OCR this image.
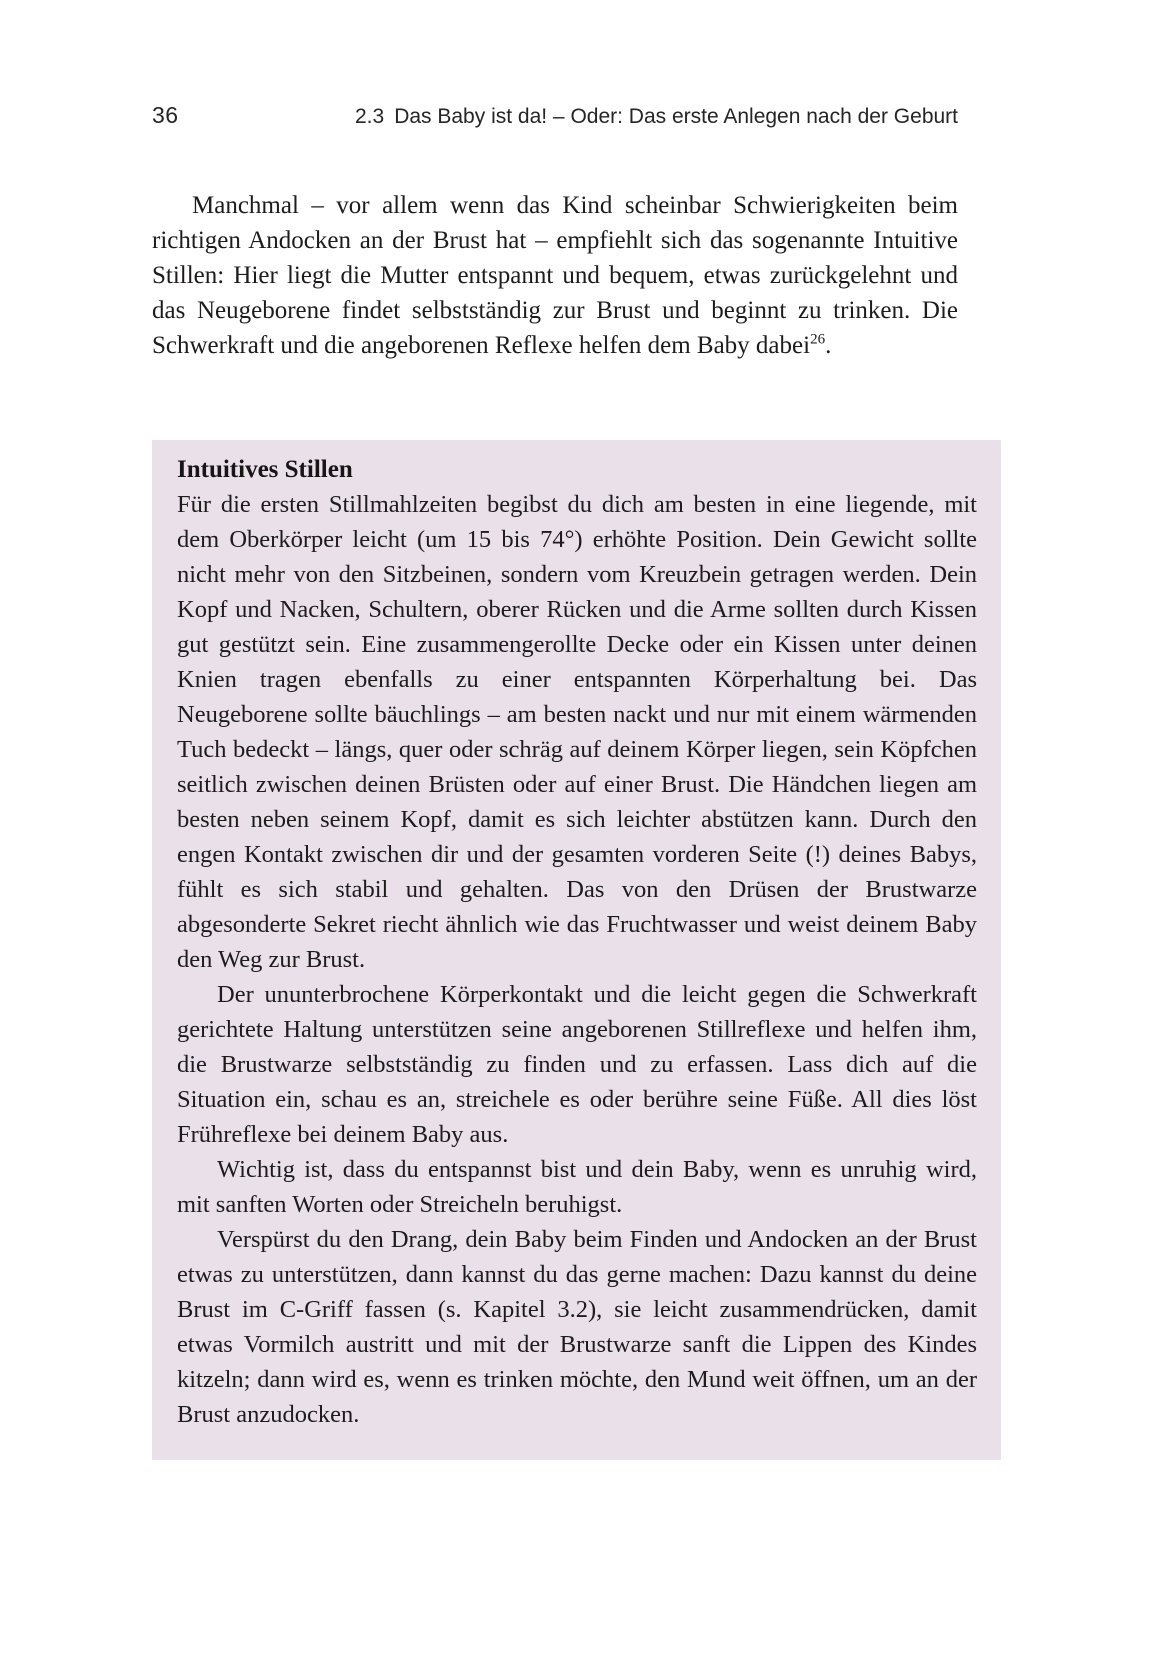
36	2.3 Das Baby ist da! – Oder: Das erste Anlegen nach der Geburt
Manchmal – vor allem wenn das Kind scheinbar Schwierigkeiten beim richtigen Andocken an der Brust hat – empfiehlt sich das sogenannte Intuitive Stillen: Hier liegt die Mutter entspannt und bequem, etwas zurückgelehnt und das Neugeborene findet selbstständig zur Brust und beginnt zu trinken. Die Schwerkraft und die angeborenen Reflexe helfen dem Baby dabei$^{26}$.
Intuitives Stillen

Für die ersten Stillmahlzeiten begibst du dich am besten in eine liegende, mit dem Oberkörper leicht (um 15 bis 74°) erhöhte Position. Dein Gewicht sollte nicht mehr von den Sitzbeinen, sondern vom Kreuzbein getragen werden. Dein Kopf und Nacken, Schultern, oberer Rücken und die Arme sollten durch Kissen gut gestützt sein. Eine zusammengerollte Decke oder ein Kissen unter deinen Knien tragen ebenfalls zu einer entspannten Körperhaltung bei. Das Neugeborene sollte bäuchlings – am besten nackt und nur mit einem wärmenden Tuch bedeckt – längs, quer oder schräg auf deinem Körper liegen, sein Köpfchen seitlich zwischen deinen Brüsten oder auf einer Brust. Die Händchen liegen am besten neben seinem Kopf, damit es sich leichter abstützen kann. Durch den engen Kontakt zwischen dir und der gesamten vorderen Seite (!) deines Babys, fühlt es sich stabil und gehalten. Das von den Drüsen der Brustwarze abgesonderte Sekret riecht ähnlich wie das Fruchtwasser und weist deinem Baby den Weg zur Brust.

Der ununterbrochene Körperkontakt und die leicht gegen die Schwerkraft gerichtete Haltung unterstützen seine angeborenen Stillreflexe und helfen ihm, die Brustwarze selbstständig zu finden und zu erfassen. Lass dich auf die Situation ein, schau es an, streichele es oder berühre seine Füße. All dies löst Frühreflexe bei deinem Baby aus.

Wichtig ist, dass du entspannst bist und dein Baby, wenn es unruhig wird, mit sanften Worten oder Streicheln beruhigst.

Verspürst du den Drang, dein Baby beim Finden und Andocken an der Brust etwas zu unterstützen, dann kannst du das gerne machen: Dazu kannst du deine Brust im C-Griff fassen (s. Kapitel 3.2), sie leicht zusammendrücken, damit etwas Vormilch austritt und mit der Brustwarze sanft die Lippen des Kindes kitzeln; dann wird es, wenn es trinken möchte, den Mund weit öffnen, um an der Brust anzudocken.
